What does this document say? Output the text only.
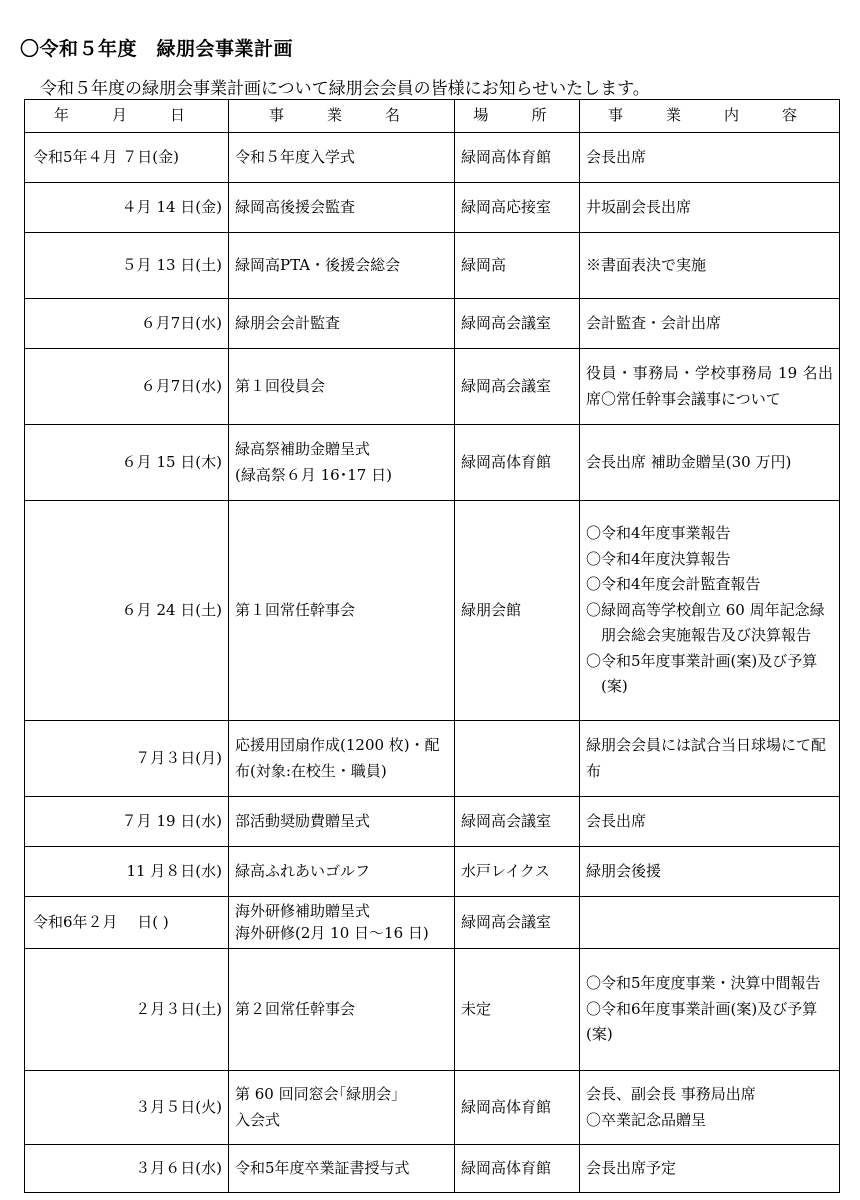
〇令和５年度　緑朋会事業計画
令和５年度の緑朋会事業計画について緑朋会会員の皆様にお知らせいたします。
年　月　日	事　業　名	場　所	事　業　内　容
令和5年４月 ７日(金)	令和５年度入学式	緑岡高体育館	会長出席

４月 14 日(金)	緑岡高後援会監査	緑岡高応接室	井坂副会長出席

５月 13 日(土)	緑岡高PTA・後援会総会	緑岡高	※書面表決で実施

６月7日(水)	緑朋会会計監査	緑岡高会議室	会計監査・会計出席

６月7日(水)	第１回役員会	緑岡高会議室	役員・事務局・学校事務局 19 名出席〇常任幹事会議事について

６月 15 日(木)	緑高祭補助金贈呈式
(緑高祭６月 16･17 日)	緑岡高体育館	会長出席 補助金贈呈(30 万円)

６月 24 日(土)	第１回常任幹事会	緑朋会館	〇令和4年度事業報告
〇令和4年度決算報告
〇令和4年度会計監査報告
〇緑岡高等学校創立 60 周年記念緑朋会総会実施報告及び決算報告
〇令和5年度事業計画(案)及び予算(案)

７月３日(月)	応援用団扇作成(1200 枚)・配布(対象:在校生・職員)		緑朋会会員には試合当日球場にて配布

７月 19 日(水)	部活動奨励費贈呈式	緑岡高会議室	会長出席

11 月８日(水)	緑高ふれあいゴルフ	水戸レイクス	緑朋会後援

令和6年２月　 日( )	海外研修補助贈呈式
海外研修(2月 10 日～16 日)	緑岡高会議室	
２月３日(土)	第２回常任幹事会	未定	〇令和5年度度事業・決算中間報告
〇令和6年度事業計画(案)及び予算(案)

３月５日(火)	第 60 回同窓会｢緑朋会｣
入会式	緑岡高体育館	会長、副会長 事務局出席
〇卒業記念品贈呈

３月６日(水)	令和5年度卒業証書授与式	緑岡高体育館	会長出席予定
